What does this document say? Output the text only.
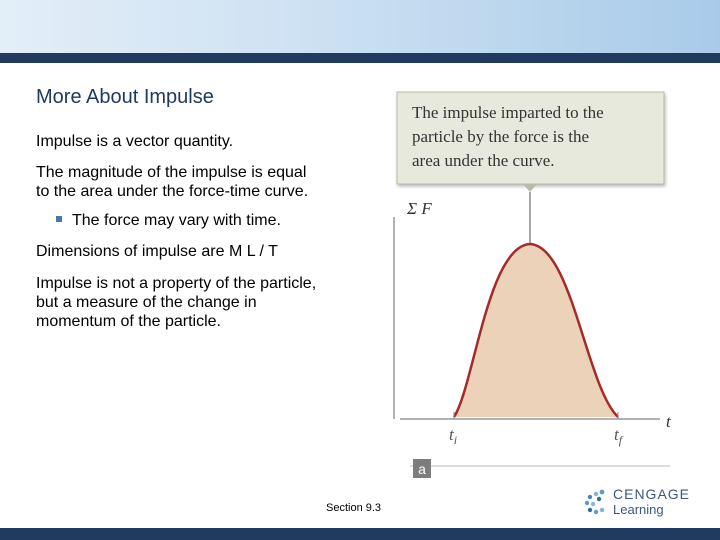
More About Impulse
Impulse is a vector quantity.
The magnitude of the impulse is equal
to the area under the force-time curve.
The force may vary with time.
Dimensions of impulse are M L / T
Impulse is not a property of the particle,
but a measure of the change in
momentum of the particle.
The impulse imparted to the
particle by the force is the
area under the curve.
Σ F
t
$t_i$	$t_f$
a
Section 9.3
CENGAGE
Learning
